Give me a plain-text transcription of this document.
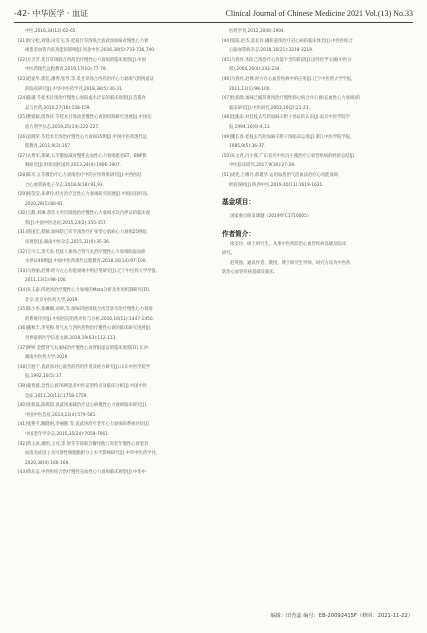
-42- 中华医学 · 血证	Clinical Journal of Chinese Medicine 2021 Vol.(13) No.33
中医,2016,34(12):62-65.
[21]侯宝松,刘强,田雪飞,等.桂枝甘草汤联合真武汤加味对慢性心力衰
竭患者血管内皮功能的影响[J].河北中医,2016,38(5):733-736,740.
[22]方卫芳.炙甘草汤联合西药治疗慢性心力衰竭的临床观察[J].中国
中医药现代远程教育,2019,17(10):77-78.
[23]赵爱华,郭佳,潘秀,张琴,等.炙甘草汤合西药治疗心力衰竭气阴两虚证
的临床研究[J].中华中医药学刊,2018,38(5):30-31.
[24]陈谦.苓桂术甘汤治疗慢性心衰阳虚水泛证的临床观察[J].首都食
品与医药,2020,27(16):158-159.
[25]曹爱颖,周春祥.苓桂术甘汤改善慢性心衰的机制研究进展[J].中国实
验方剂学杂志,2019,25(14):222-227.
[26]袁晓荣.苓桂术甘汤治疗慢性心力衰竭35例[J].中国中医药现代远
程教育,2011,9(3):167.
[27]关秀军,郑斌.五苓散加减对慢性充血性心力衰竭患者ET、BNP影
响研究[J].时珍国医国药,2013,24(9):1906-1907.
[28]陈军,五苓散治疗心力衰竭治疗中的应用效果研究[J].中西医结
合心血管病电子杂志,2018,6(18):91,93.
[29]杨莹莹,朱翠玲,经方治疗急性心力衰竭研究进展[J].中国民间疗法,
2020,28(1):80-81.
[30]王静,刘琳.葶苈大枣泻肺汤治疗慢性心力衰竭水饮内停证的临床观
察[J].中国中医急症,2015,24(2):355-357.
[31]蒋国宏,蔡颖.加味防己茯苓汤治疗扩张型心肌病心力衰竭25例临
床观察[J].湖南中医杂志,2015,31(9):35-36.
[32]王可义,余天泉.桂枝人参汤合肾气丸治疗慢性心力衰竭阳虚血瘀
水停证40例[J].中国中医药现代远程教育,2018,16(14):97-100.
[33]马春丽,赵博.经方左心功能衰竭中的应用研究[J].辽宁中医药大学学报,
2011,13(1):98-100.
[34]朱玉嘉.四逆汤治疗慢性心力衰竭的Meta分析及作用机制研究[D].
北京:北京中医药大学,2019.
[35]陈小华,张姗姗,刘翠,等.加味四逆汤联合伐昔洛韦治疗慢性心力衰竭
的系统评价[J].中国医院用药评价与分析,2016,16(11):1447-1450.
[36]戴秋丰,李英梅.肾气丸与西医药物治疗慢性心衰的临床研究进展[J].
世界最新医学信息文摘,2019,19(63):112-113.
[37]钟婷.金匮肾气丸加味治疗慢性心衰肾阳虚证的临床观察[D].长沙:
湖南中医药大学,2019.
[38]王旭宁.真武汤对心衰营的药用作用及经方研究[J].山东中医学院学
报,1992,16(5):37.
[39]蒙秀群.急性心衰76例患者中医证型特点及临床分析[J].中国中医
急症,2011,20(11):1758-1759.
[40]张新磊,陈燕超.真武汤加减治疗冠心病慢性心力衰竭临床研究[J].
中国中医急症,2014,23(4):579-581.
[41]张艳平,鲍晓明,李丽静,等.真武汤治疗老年心力衰竭的系统评价[J].
中国老年学杂志,2015,35(24):7059-7061.
[42]黄玉冰,谢明,王亮,等.射苓苓汤联合瓣伐他汀对老年慢性心衰患者
血清炎症因子及可溶性细胞黏附分子水平影响研究[J].中华中医药学刊,
2020,38(4):166-169.
[43]黄东运.中西医结合治疗慢性充血性心力衰竭临床观察[J].中华中
医药学刊,2012,30(8):1904.
[44]张阳,赵杰,袁长玲.橘积姜汤治疗冠心病的临床体会[J].中西医结合
心脑血管病杂志,2018,16(21):3218-3219.
[45]马春亮.木防己汤治疗心功能不全的阶段[J].国外医学文摘(中医分
册),2004,26(4):232-234.
[46]马春亮,赵博.经方在心血管疾病中的应用[J].辽宁中医药大学学报,
2011,13(1):98-100.
[47]杜武勋.加味己椒苈黄汤治疗慢性肺心病合并心衰(充血性心力衰竭)的
临床研究[J].中医研究,2003,16(2):21-23.
[48]沈涨添.对桂枝去芍药加麻辛附子汤证的认识[J].南京中医学院学
报,1994,16(6):4,11.
[49]魏长春.桂枝去芍药加麻辛附子汤临床运用[J].浙江中医学院学报,
1985,9(5):36-37.
[50]朱文君,冯小燕.广东省名中医冯小燕治疗心衰营疾病的经验总结[J].
中医临床研究,2017,9(30):27-28.
[51]成宪,王娜丹,邢建华.运用血菖治气活血法治疗心功能衰竭
经验探析[J].陕西中医,2019,40(11):1619-1621.
基金项目：
国家重点研发课题（2019YFC1710005）
作者简介：
徐圣玲，硕士研究生，从事中医药防治心血管疾病基础及临床
研究。
赵英强，通讯作者，教授，博士研究生导师，研究方向为中医药
防治心血管疾病基础及临床。
编辑：田杏蕊 编号：EB-20092415F（修回：2021-11-22）
